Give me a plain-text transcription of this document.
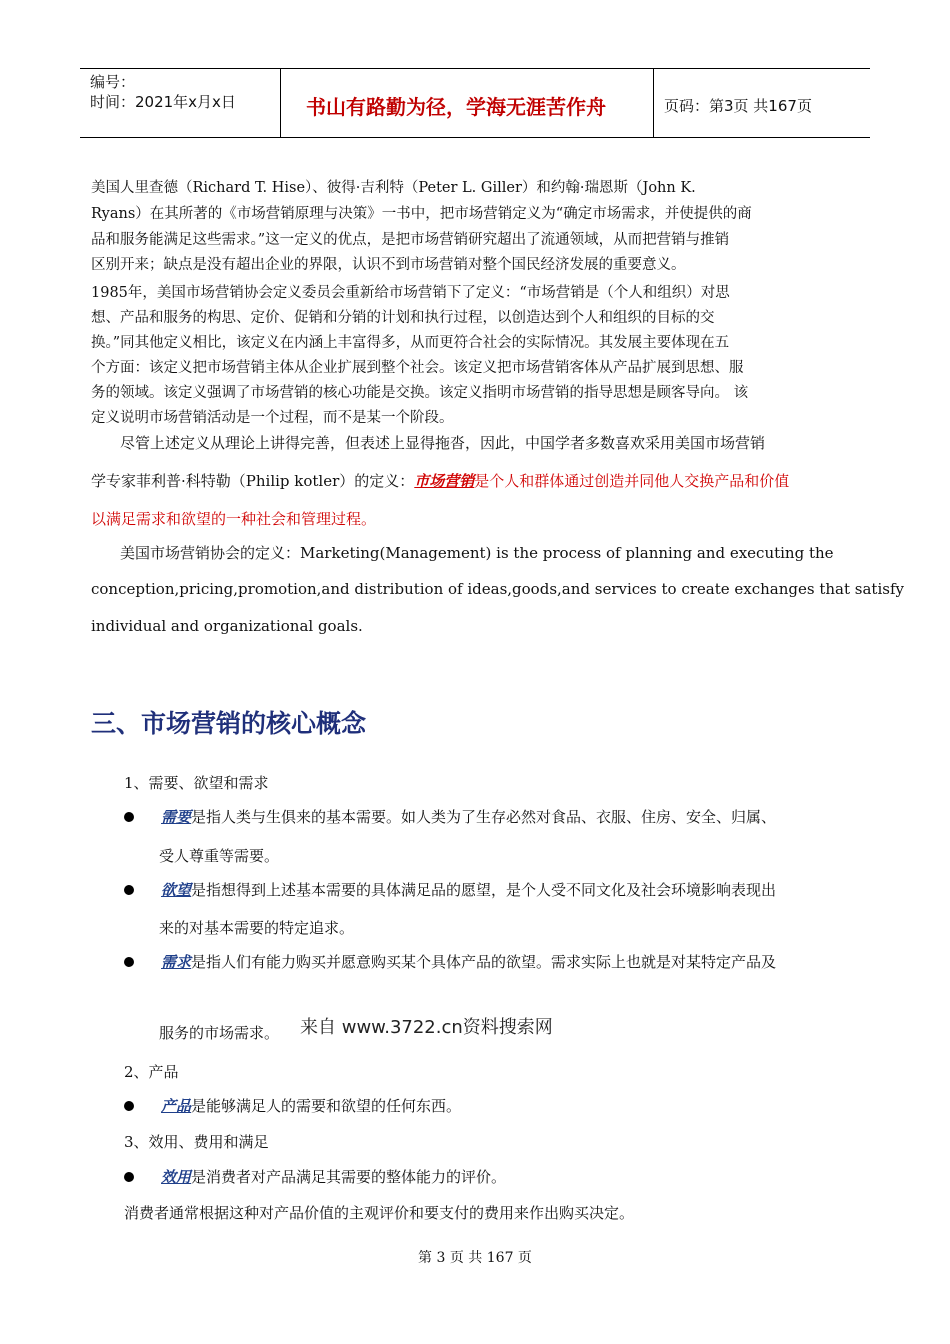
编号：
时间：2021年x月x日	书山有路勤为径，学海无涯苦作舟	页码：第3页 共167页
美国人里查德（Richard T. Hise）、彼得·吉利特（Peter L. Giller）和约翰·瑞恩斯（John K.
Ryans）在其所著的《市场营销原理与决策》一书中，把市场营销定义为“确定市场需求，并使提供的商
品和服务能满足这些需求。”这一定义的优点，是把市场营销研究超出了流通领域，从而把营销与推销
区别开来；缺点是没有超出企业的界限，认识不到市场营销对整个国民经济发展的重要意义。
1985年，美国市场营销协会定义委员会重新给市场营销下了定义：“市场营销是（个人和组织）对思
想、产品和服务的构思、定价、促销和分销的计划和执行过程，以创造达到个人和组织的目标的交
换。”同其他定义相比，该定义在内涵上丰富得多，从而更符合社会的实际情况。其发展主要体现在五
个方面：该定义把市场营销主体从企业扩展到整个社会。该定义把市场营销客体从产品扩展到思想、服
务的领域。该定义强调了市场营销的核心功能是交换。该定义指明市场营销的指导思想是顾客导向。 该
定义说明市场营销活动是一个过程，而不是某一个阶段。
尽管上述定义从理论上讲得完善，但表述上显得拖沓，因此，中国学者多数喜欢采用美国市场营销
学专家菲利普·科特勒（Philip kotler）的定义：市场营销是个人和群体通过创造并同他人交换产品和价值
以满足需求和欲望的一种社会和管理过程。
美国市场营销协会的定义：Marketing(Management) is the process of planning and executing the
conception,pricing,promotion,and distribution of ideas,goods,and services to create exchanges that satisfy
individual and organizational goals.
三、市场营销的核心概念
1、需要、欲望和需求
需要是指人类与生俱来的基本需要。如人类为了生存必然对食品、衣服、住房、安全、归属、
受人尊重等需要。
欲望是指想得到上述基本需要的具体满足品的愿望，是个人受不同文化及社会环境影响表现出
来的对基本需要的特定追求。
需求是指人们有能力购买并愿意购买某个具体产品的欲望。需求实际上也就是对某特定产品及
服务的市场需求。 来自 www.3722.cn资料搜索网
2、产品
产品是能够满足人的需要和欲望的任何东西。
3、效用、费用和满足
效用是消费者对产品满足其需要的整体能力的评价。
消费者通常根据这种对产品价值的主观评价和要支付的费用来作出购买决定。
第 3 页 共 167 页
